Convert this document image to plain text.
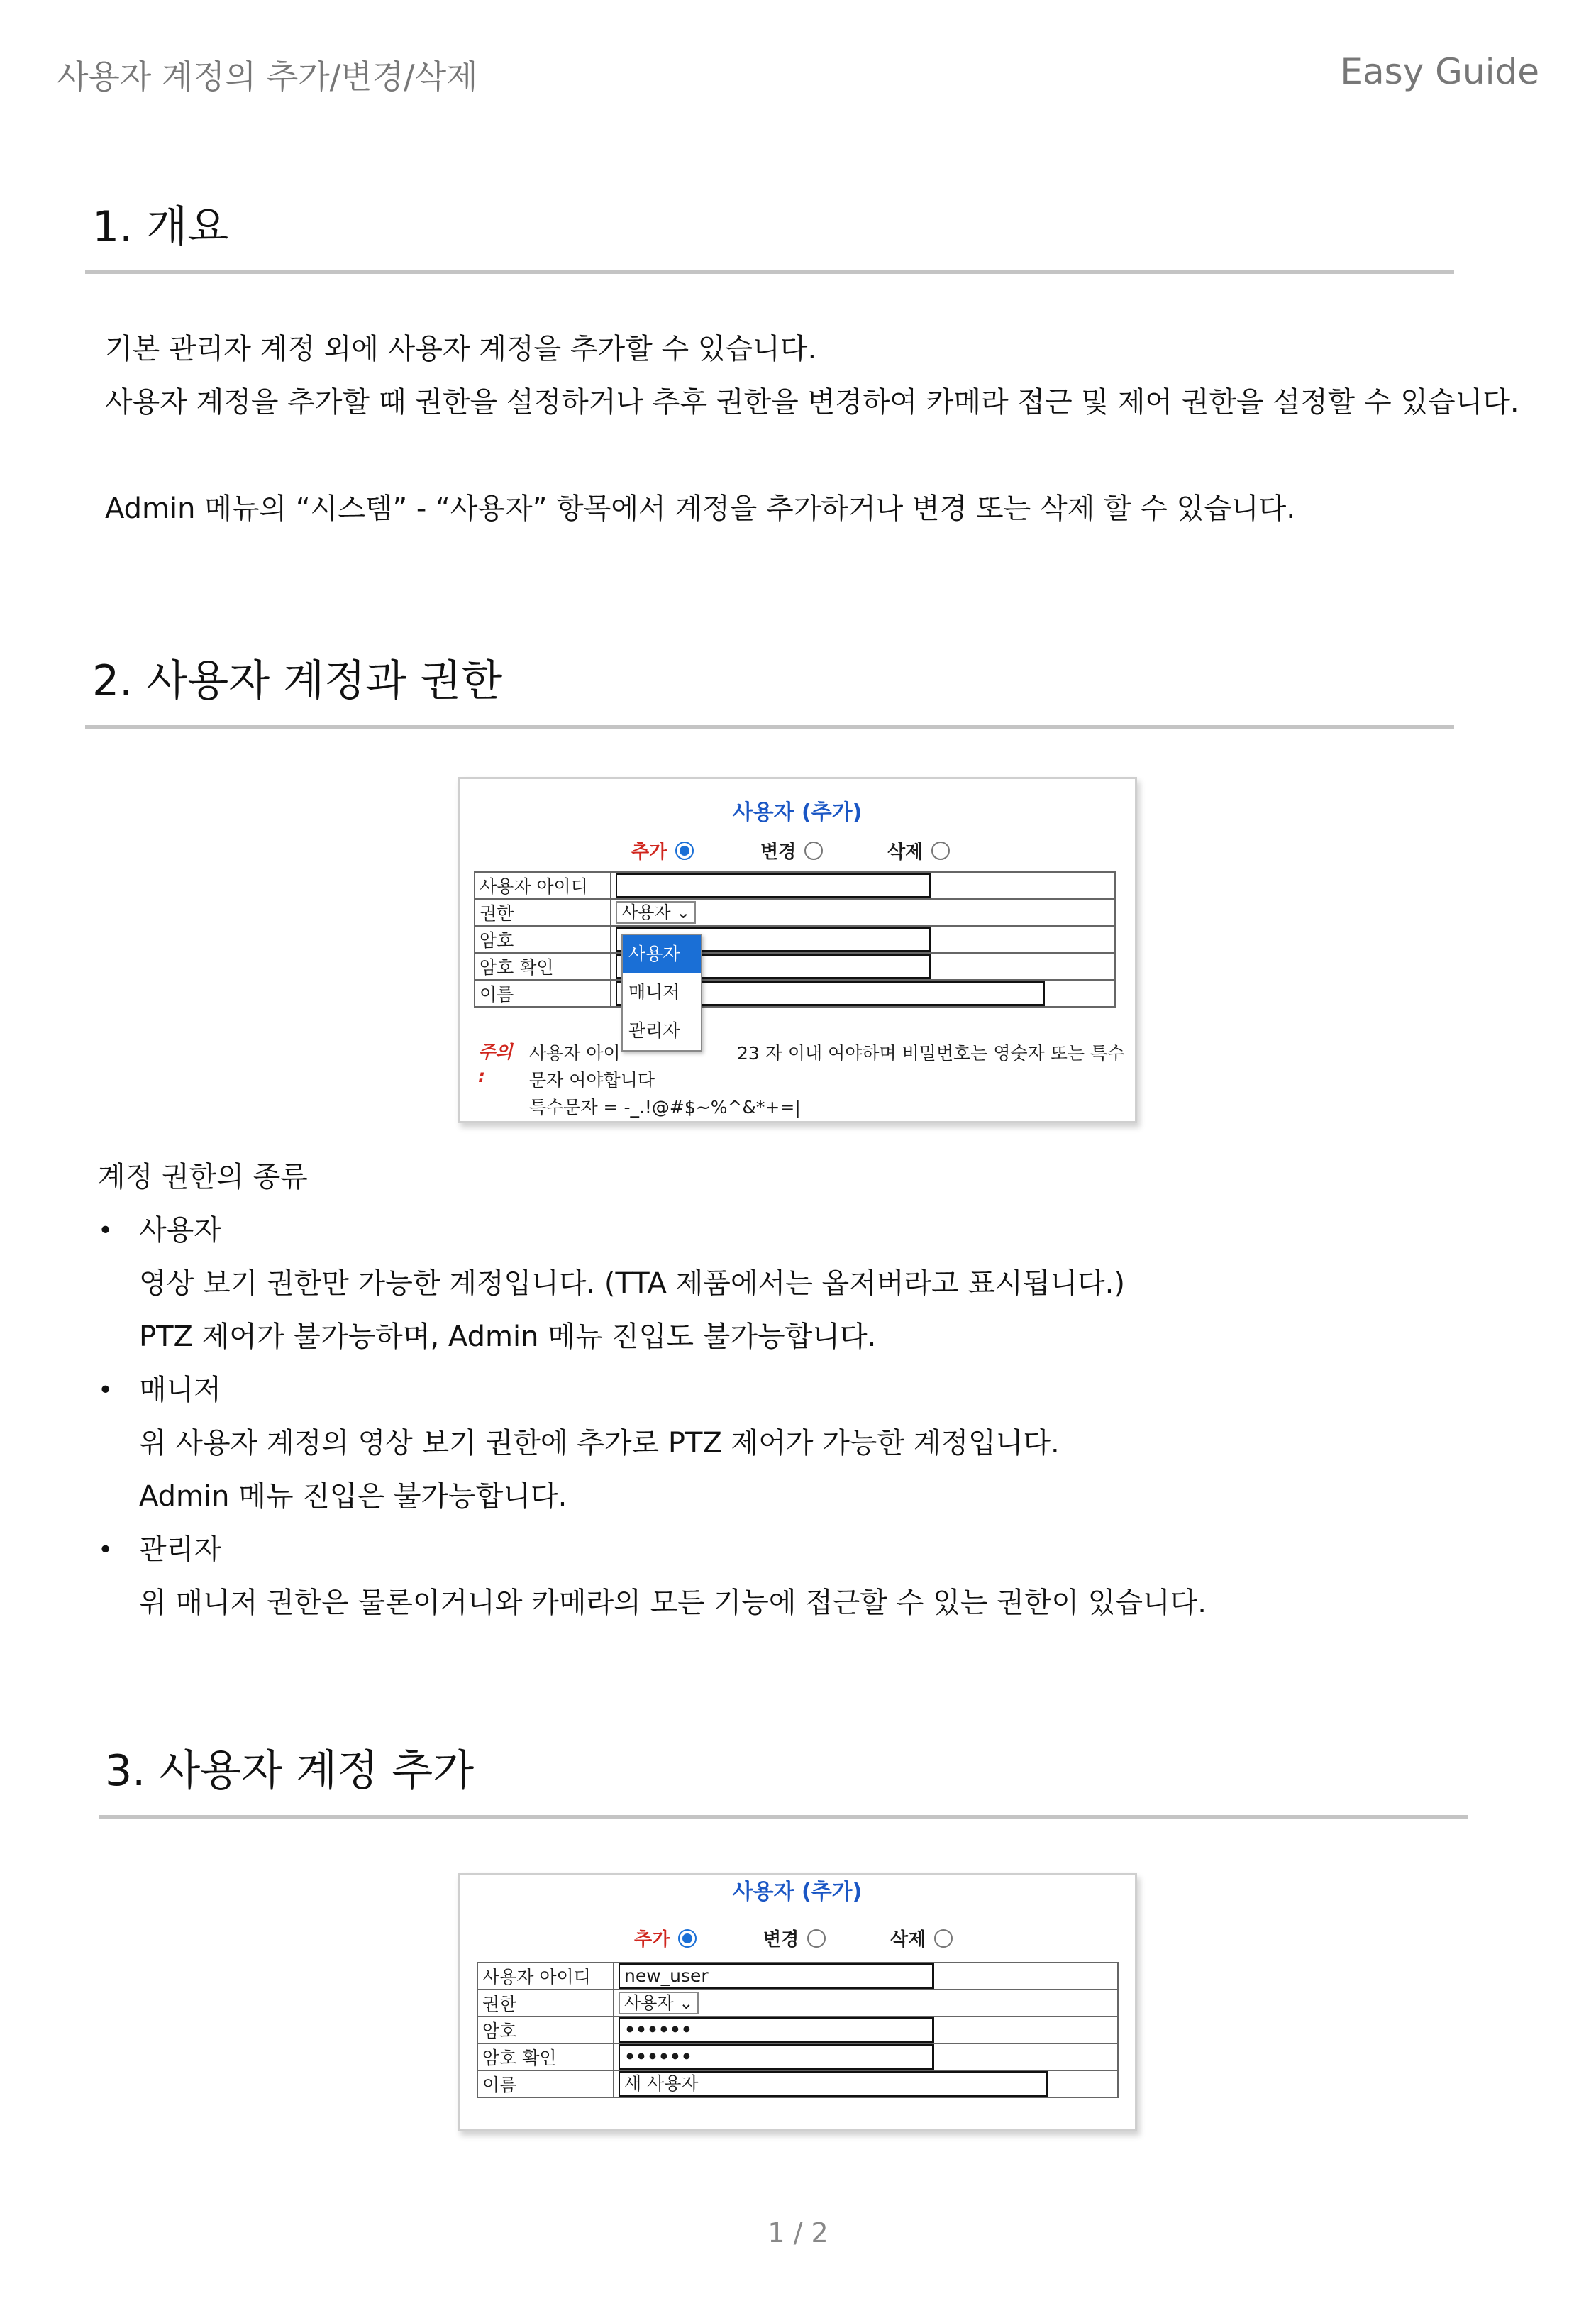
사용자 계정의 추가/변경/삭제	Easy Guide
1. 개요
기본 관리자 계정 외에 사용자 계정을 추가할 수 있습니다.
사용자 계정을 추가할 때 권한을 설정하거나 추후 권한을 변경하여 카메라 접근 및 제어 권한을 설정할 수 있습니다.
Admin 메뉴의 “시스템” - “사용자” 항목에서 계정을 추가하거나 변경 또는 삭제 할 수 있습니다.
2. 사용자 계정과 권한
사용자 (추가)
추가	변경	삭제
사용자 아이디	
권한	사용자 ⌄
암호	
암호 확인	
이름	
사용자
매니저
관리자
주의 :
사용자 아이	23 자 이내 여야하며 비밀번호는 영숫자 또는 특수
문자 여야합니다
특수문자 = -_.!@#$~%^&*+=|
계정 권한의 종류
• 사용자
영상 보기 권한만 가능한 계정입니다. (TTA 제품에서는 옵저버라고 표시됩니다.)
PTZ 제어가 불가능하며, Admin 메뉴 진입도 불가능합니다.
• 매니저
위 사용자 계정의 영상 보기 권한에 추가로 PTZ 제어가 가능한 계정입니다.
Admin 메뉴 진입은 불가능합니다.
• 관리자
위 매니저 권한은 물론이거니와 카메라의 모든 기능에 접근할 수 있는 권한이 있습니다.
3. 사용자 계정 추가
사용자 (추가)
추가	변경	삭제
사용자 아이디	new_user
권한	사용자 ⌄
암호	••••••
암호 확인	••••••
이름	새 사용자
1 / 2
